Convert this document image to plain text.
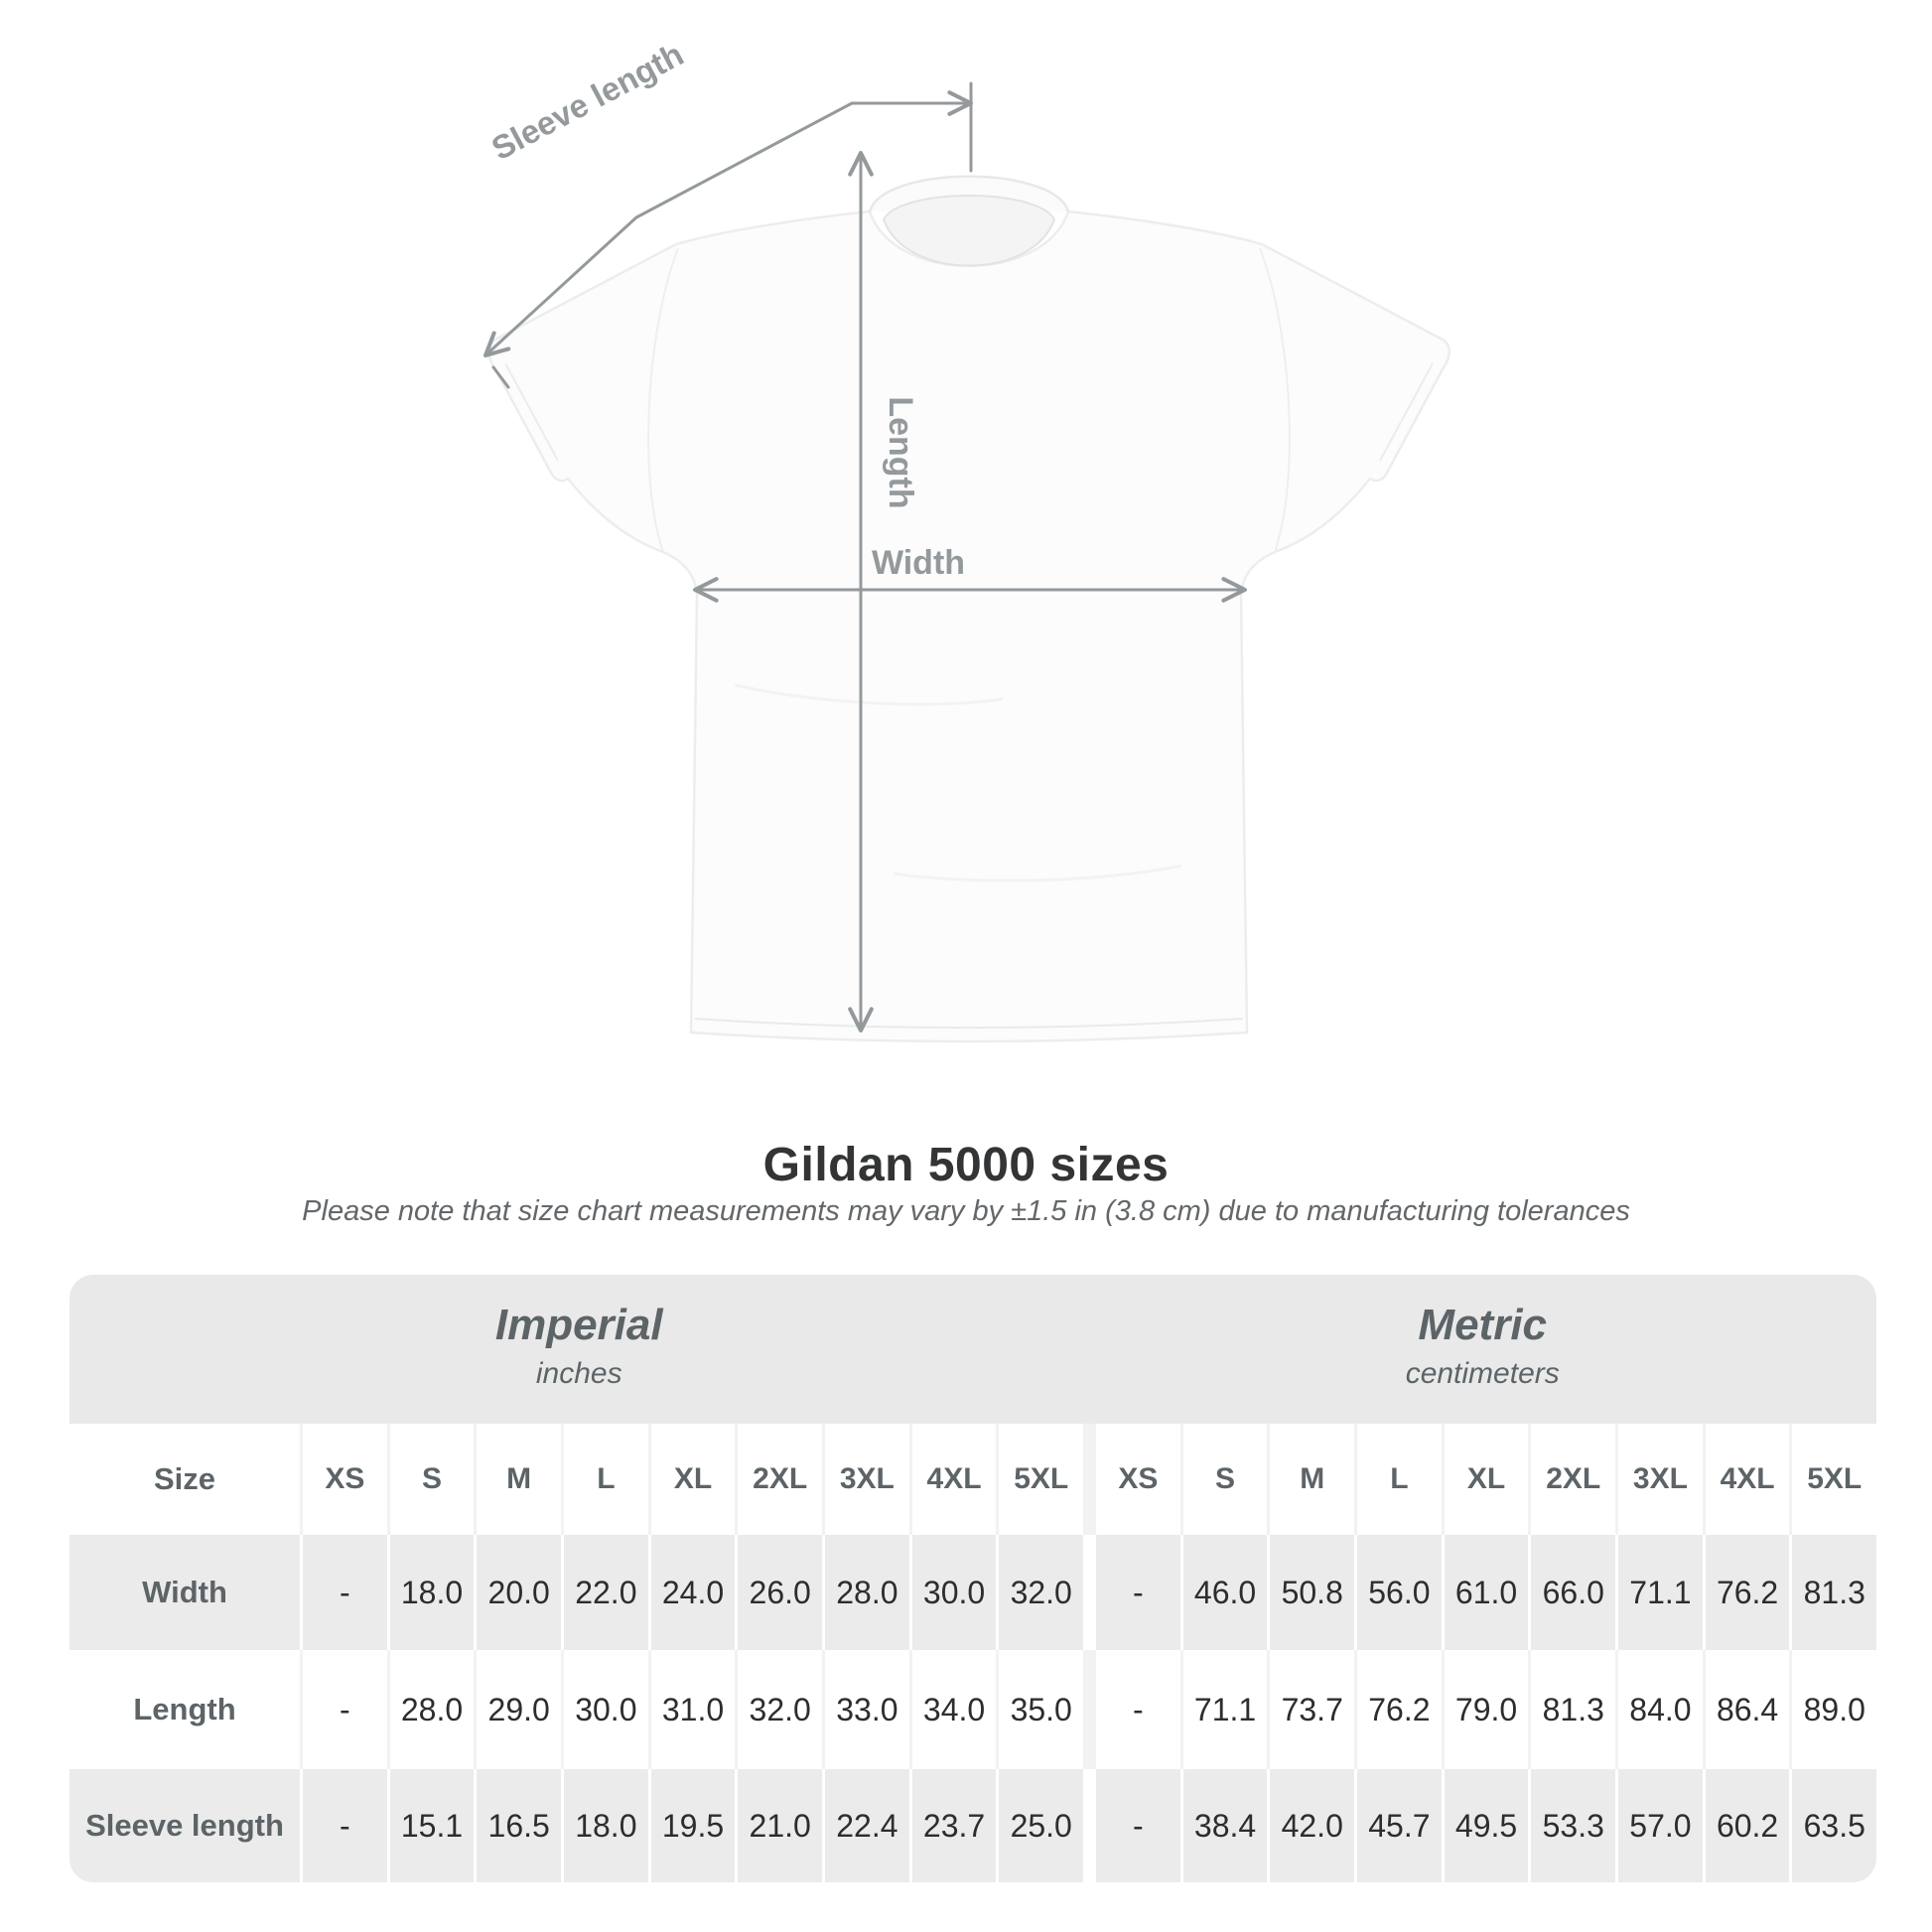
Sleeve length
Length
Width
Gildan 5000 sizes
Please note that size chart measurements may vary by ±1.5 in (3.8 cm) due to manufacturing tolerances
Imperial
inches
Metric
centimeters
Size	XS	S	M	L	XL	2XL	3XL	4XL	5XL	XS	S	M	L	XL	2XL	3XL	4XL	5XL
Width	-	18.0 20.0 22.0 24.0 26.0 28.0 30.0 32.0	-	46.0 50.8 56.0 61.0 66.0 71.1 76.2 81.3
Length	-	28.0 29.0 30.0 31.0 32.0 33.0 34.0 35.0	-	71.1 73.7 76.2 79.0 81.3 84.0 86.4 89.0
Sleeve length	-	15.1 16.5 18.0 19.5 21.0 22.4 23.7 25.0	-	38.4 42.0 45.7 49.5 53.3 57.0 60.2 63.5
